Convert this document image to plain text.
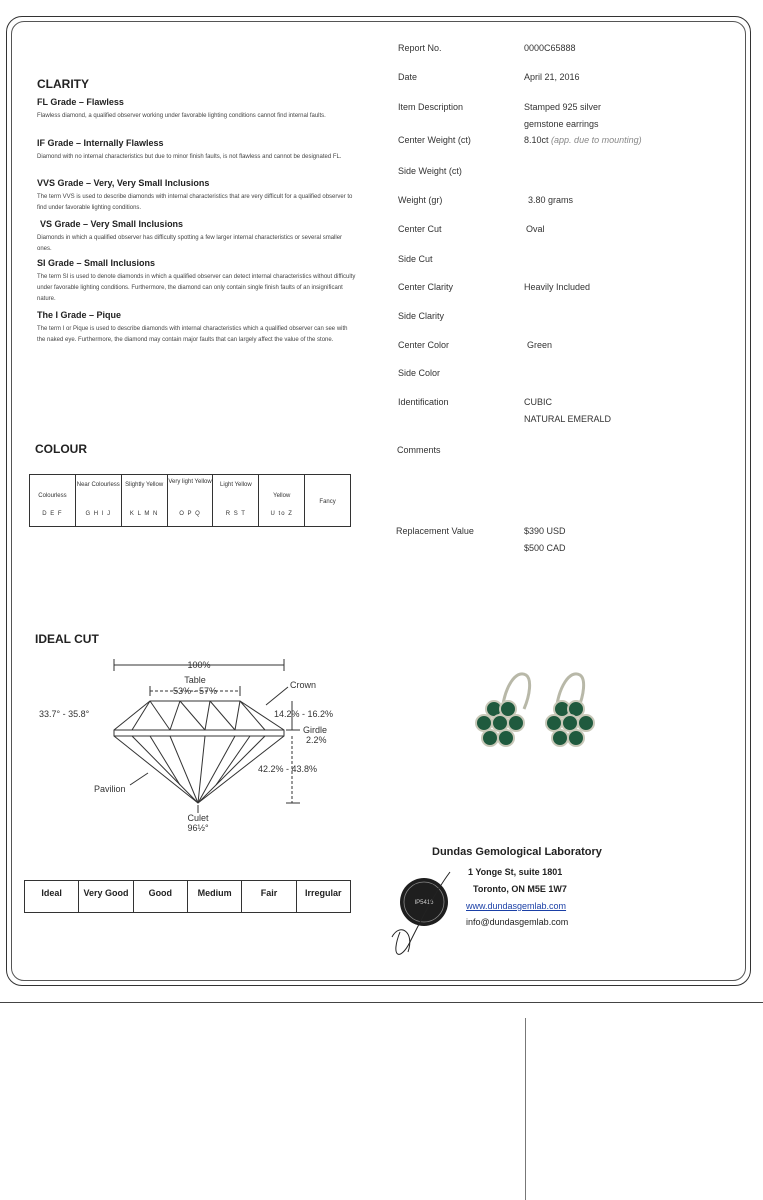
CLARITY
FL Grade – Flawless
Flawless diamond, a qualified observer working under favorable lighting conditions cannot find internal faults.
IF Grade – Internally Flawless
Diamond with no internal characteristics but due to minor finish faults, is not flawless and cannot be designated FL.
VVS Grade – Very, Very Small Inclusions
The term VVS is used to describe diamonds with internal characteristics that are very difficult for a qualified observer to find under favorable lighting conditions.
VS Grade – Very Small Inclusions
Diamonds in which a qualified observer has difficulty spotting a few larger internal characteristics or several smaller ones.
SI Grade – Small Inclusions
The term SI is used to denote diamonds in which a qualified observer can detect internal characteristics without difficulty under favorable lighting conditions. Furthermore, the diamond can only contain single finish faults of an insignificant nature.
The I Grade – Pique
The term I or Pique is used to describe diamonds with internal characteristics which a qualified observer can see with the naked eye. Furthermore, the diamond may contain major faults that can largely affect the value of the stone.
COLOUR
Colourless
D E F
Near Colourless
G H I J
Slightly Yellow
K L M N
Very light Yellow
O P Q
Light Yellow
R S T
Yellow
U to Z
Fancy
IDEAL CUT
100%
Table
53% - 57%
Crown
33.7° - 35.8°	14.2% - 16.2%
Girdle
2.2%
42.2% - 43.8%
Pavilion
Culet
96½°
Ideal	Very Good	Good	Medium	Fair	Irregular
Report No.	0000C65888
Date	April 21, 2016
Item Description	Stamped 925 silver
gemstone earrings
Center Weight (ct)	8.10ct (app. due to mounting)
Side Weight (ct)
Weight (gr)	3.80 grams
Center Cut	Oval
Side Cut
Center Clarity	Heavily Included
Side Clarity
Center Color	Green
Side Color
Identification	CUBIC
NATURAL EMERALD
Comments
Replacement Value	$390 USD
$500 CAD
Dundas Gemological Laboratory
1 Yonge St, suite 1801
Toronto, ON M5E 1W7
www.dundasgemlab.com
info@dundasgemlab.com
IP5416
